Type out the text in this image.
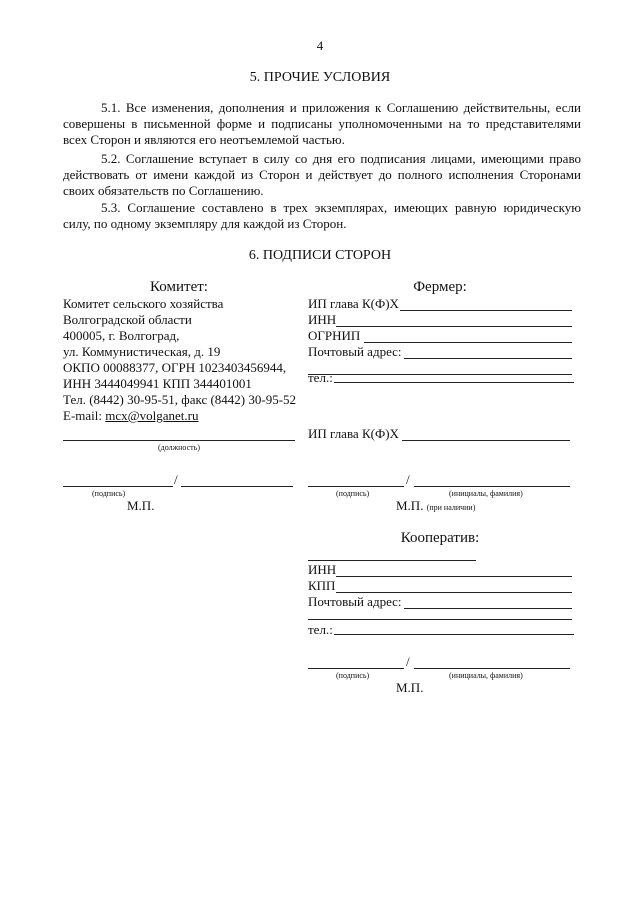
4
5. ПРОЧИЕ УСЛОВИЯ
5.1. Все изменения, дополнения и приложения к Соглашению действительны, если
совершены в письменной форме и подписаны уполномоченными на то представителями
всех Сторон и являются его неотъемлемой частью.
5.2. Соглашение вступает в силу со дня его подписания лицами, имеющими право
действовать от имени каждой из Сторон и действует до полного исполнения Сторонами
своих обязательств по Соглашению.
5.3. Соглашение составлено в трех экземплярах, имеющих равную юридическую
силу, по одному экземпляру для каждой из Сторон.
6. ПОДПИСИ СТОРОН
Комитет:
Комитет сельского хозяйства
Волгоградской области
400005, г. Волгоград,
ул. Коммунистическая, д. 19
ОКПО 00088377, ОГРН 1023403456944,
ИНН 3444049941 КПП 344401001
Тел. (8442) 30-95-51, факс (8442) 30-95-52
E-mail: mcx@volganet.ru
(должность)
/
(подпись)
М.П.
Фермер:
ИП глава К(Ф)Х
ИНН
ОГРНИП
Почтовый адрес:
тел.:
ИП глава К(Ф)Х
/
(подпись)	(инициалы, фамилия)
М.П. (при наличии)
Кооператив:
ИНН
КПП
Почтовый адрес:
тел.:
/
(подпись)	(инициалы, фамилия)
М.П.
